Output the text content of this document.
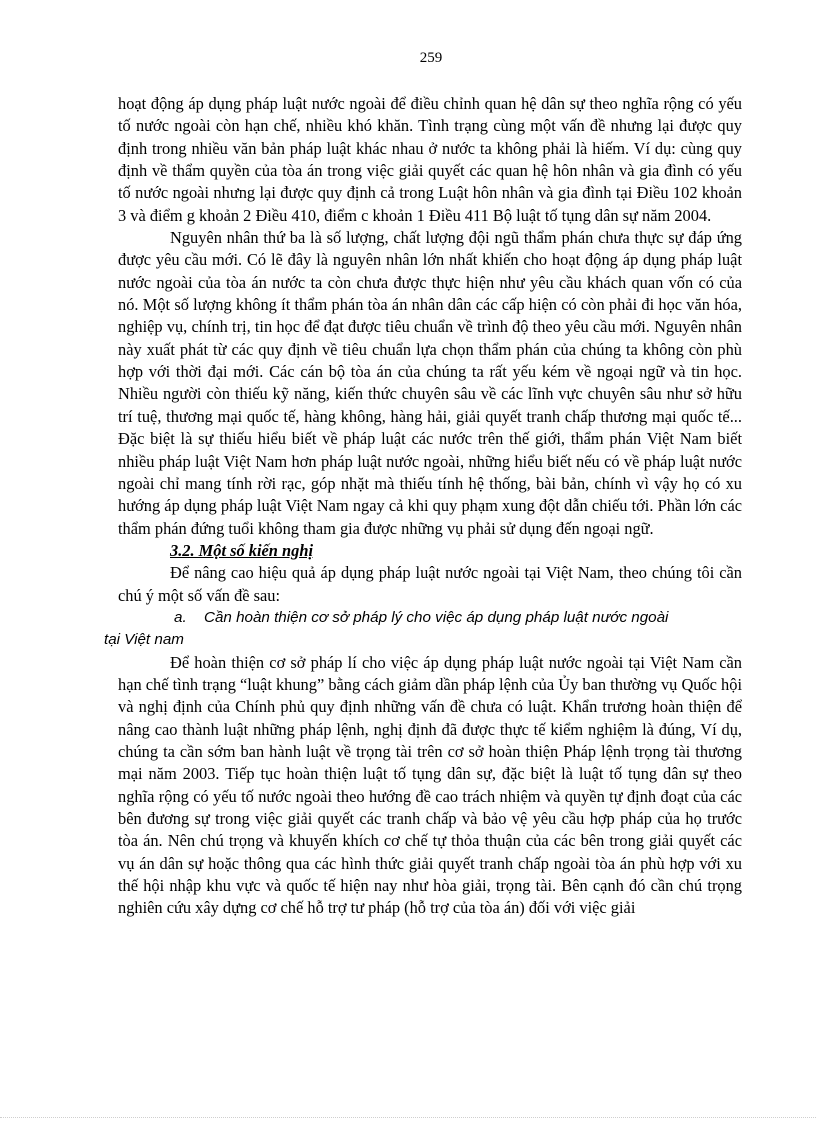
259

hoạt động áp dụng pháp luật nước ngoài để điều chỉnh quan hệ dân sự theo nghĩa rộng có yếu tố nước ngoài còn hạn chế, nhiều khó khăn. Tình trạng cùng một vấn đề nhưng lại được quy định trong nhiều văn bản pháp luật khác nhau ở nước ta không phải là hiếm. Ví dụ: cùng quy định về thẩm quyền của tòa án trong việc giải quyết các quan hệ hôn nhân và gia đình có yếu tố nước ngoài nhưng lại được quy định cả trong Luật hôn nhân và gia đình tại Điều 102 khoản 3 và điểm g khoản 2 Điều 410, điểm c khoản 1 Điều 411 Bộ luật tố tụng dân sự năm 2004.

Nguyên nhân thứ ba là số lượng, chất lượng đội ngũ thẩm phán chưa thực sự đáp ứng được yêu cầu mới. Có lẽ đây là nguyên nhân lớn nhất khiến cho hoạt động áp dụng pháp luật nước ngoài của tòa án nước ta còn chưa được thực hiện như yêu cầu khách quan vốn có của nó. Một số lượng không ít thẩm phán tòa án nhân dân các cấp hiện có còn phải đi học văn hóa, nghiệp vụ, chính trị, tin học để đạt được tiêu chuẩn về trình độ theo yêu cầu mới. Nguyên nhân này xuất phát từ các quy định về tiêu chuẩn lựa chọn thẩm phán của chúng ta không còn phù hợp với thời đại mới. Các cán bộ tòa án của chúng ta rất yếu kém về ngoại ngữ và tin học. Nhiều người còn thiếu kỹ năng, kiến thức chuyên sâu về các lĩnh vực chuyên sâu như sở hữu trí tuệ, thương mại quốc tế, hàng không, hàng hải, giải quyết tranh chấp thương mại quốc tế... Đặc biệt là sự thiếu hiểu biết về pháp luật các nước trên thế giới, thẩm phán Việt Nam biết nhiều pháp luật Việt Nam hơn pháp luật nước ngoài, những hiểu biết nếu có về pháp luật nước ngoài chỉ mang tính rời rạc, góp nhặt mà thiếu tính hệ thống, bài bản, chính vì vậy họ có xu hướng áp dụng pháp luật Việt Nam ngay cả khi quy phạm xung đột dẫn chiếu tới. Phần lớn các thẩm phán đứng tuổi không tham gia được những vụ phải sử dụng đến ngoại ngữ.

3.2. Một số kiến nghị

Để nâng cao hiệu quả áp dụng pháp luật nước ngoài tại Việt Nam, theo chúng tôi cần chú ý một số vấn đề sau:

a. Cần hoàn thiện cơ sở pháp lý cho việc áp dụng pháp luật nước ngoài
tại Việt nam

Để hoàn thiện cơ sở pháp lí cho việc áp dụng pháp luật nước ngoài tại Việt Nam cần hạn chế tình trạng “luật khung” bằng cách giảm dần pháp lệnh của Ủy ban thường vụ Quốc hội và nghị định của Chính phủ quy định những vấn đề chưa có luật. Khẩn trương hoàn thiện để nâng cao thành luật những pháp lệnh, nghị định đã được thực tế kiểm nghiệm là đúng, Ví dụ, chúng ta cần sớm ban hành luật về trọng tài trên cơ sở hoàn thiện Pháp lệnh trọng tài thương mại năm 2003. Tiếp tục hoàn thiện luật tố tụng dân sự, đặc biệt là luật tố tụng dân sự theo nghĩa rộng có yếu tố nước ngoài theo hướng đề cao trách nhiệm và quyền tự định đoạt của các bên đương sự trong việc giải quyết các tranh chấp và bảo vệ yêu cầu hợp pháp của họ trước tòa án. Nên chú trọng và khuyến khích cơ chế tự thỏa thuận của các bên trong giải quyết các vụ án dân sự hoặc thông qua các hình thức giải quyết tranh chấp ngoài tòa án phù hợp với xu thế hội nhập khu vực và quốc tế hiện nay như hòa giải, trọng tài. Bên cạnh đó cần chú trọng nghiên cứu xây dựng cơ chế hỗ trợ tư pháp (hỗ trợ của tòa án) đối với việc giải
